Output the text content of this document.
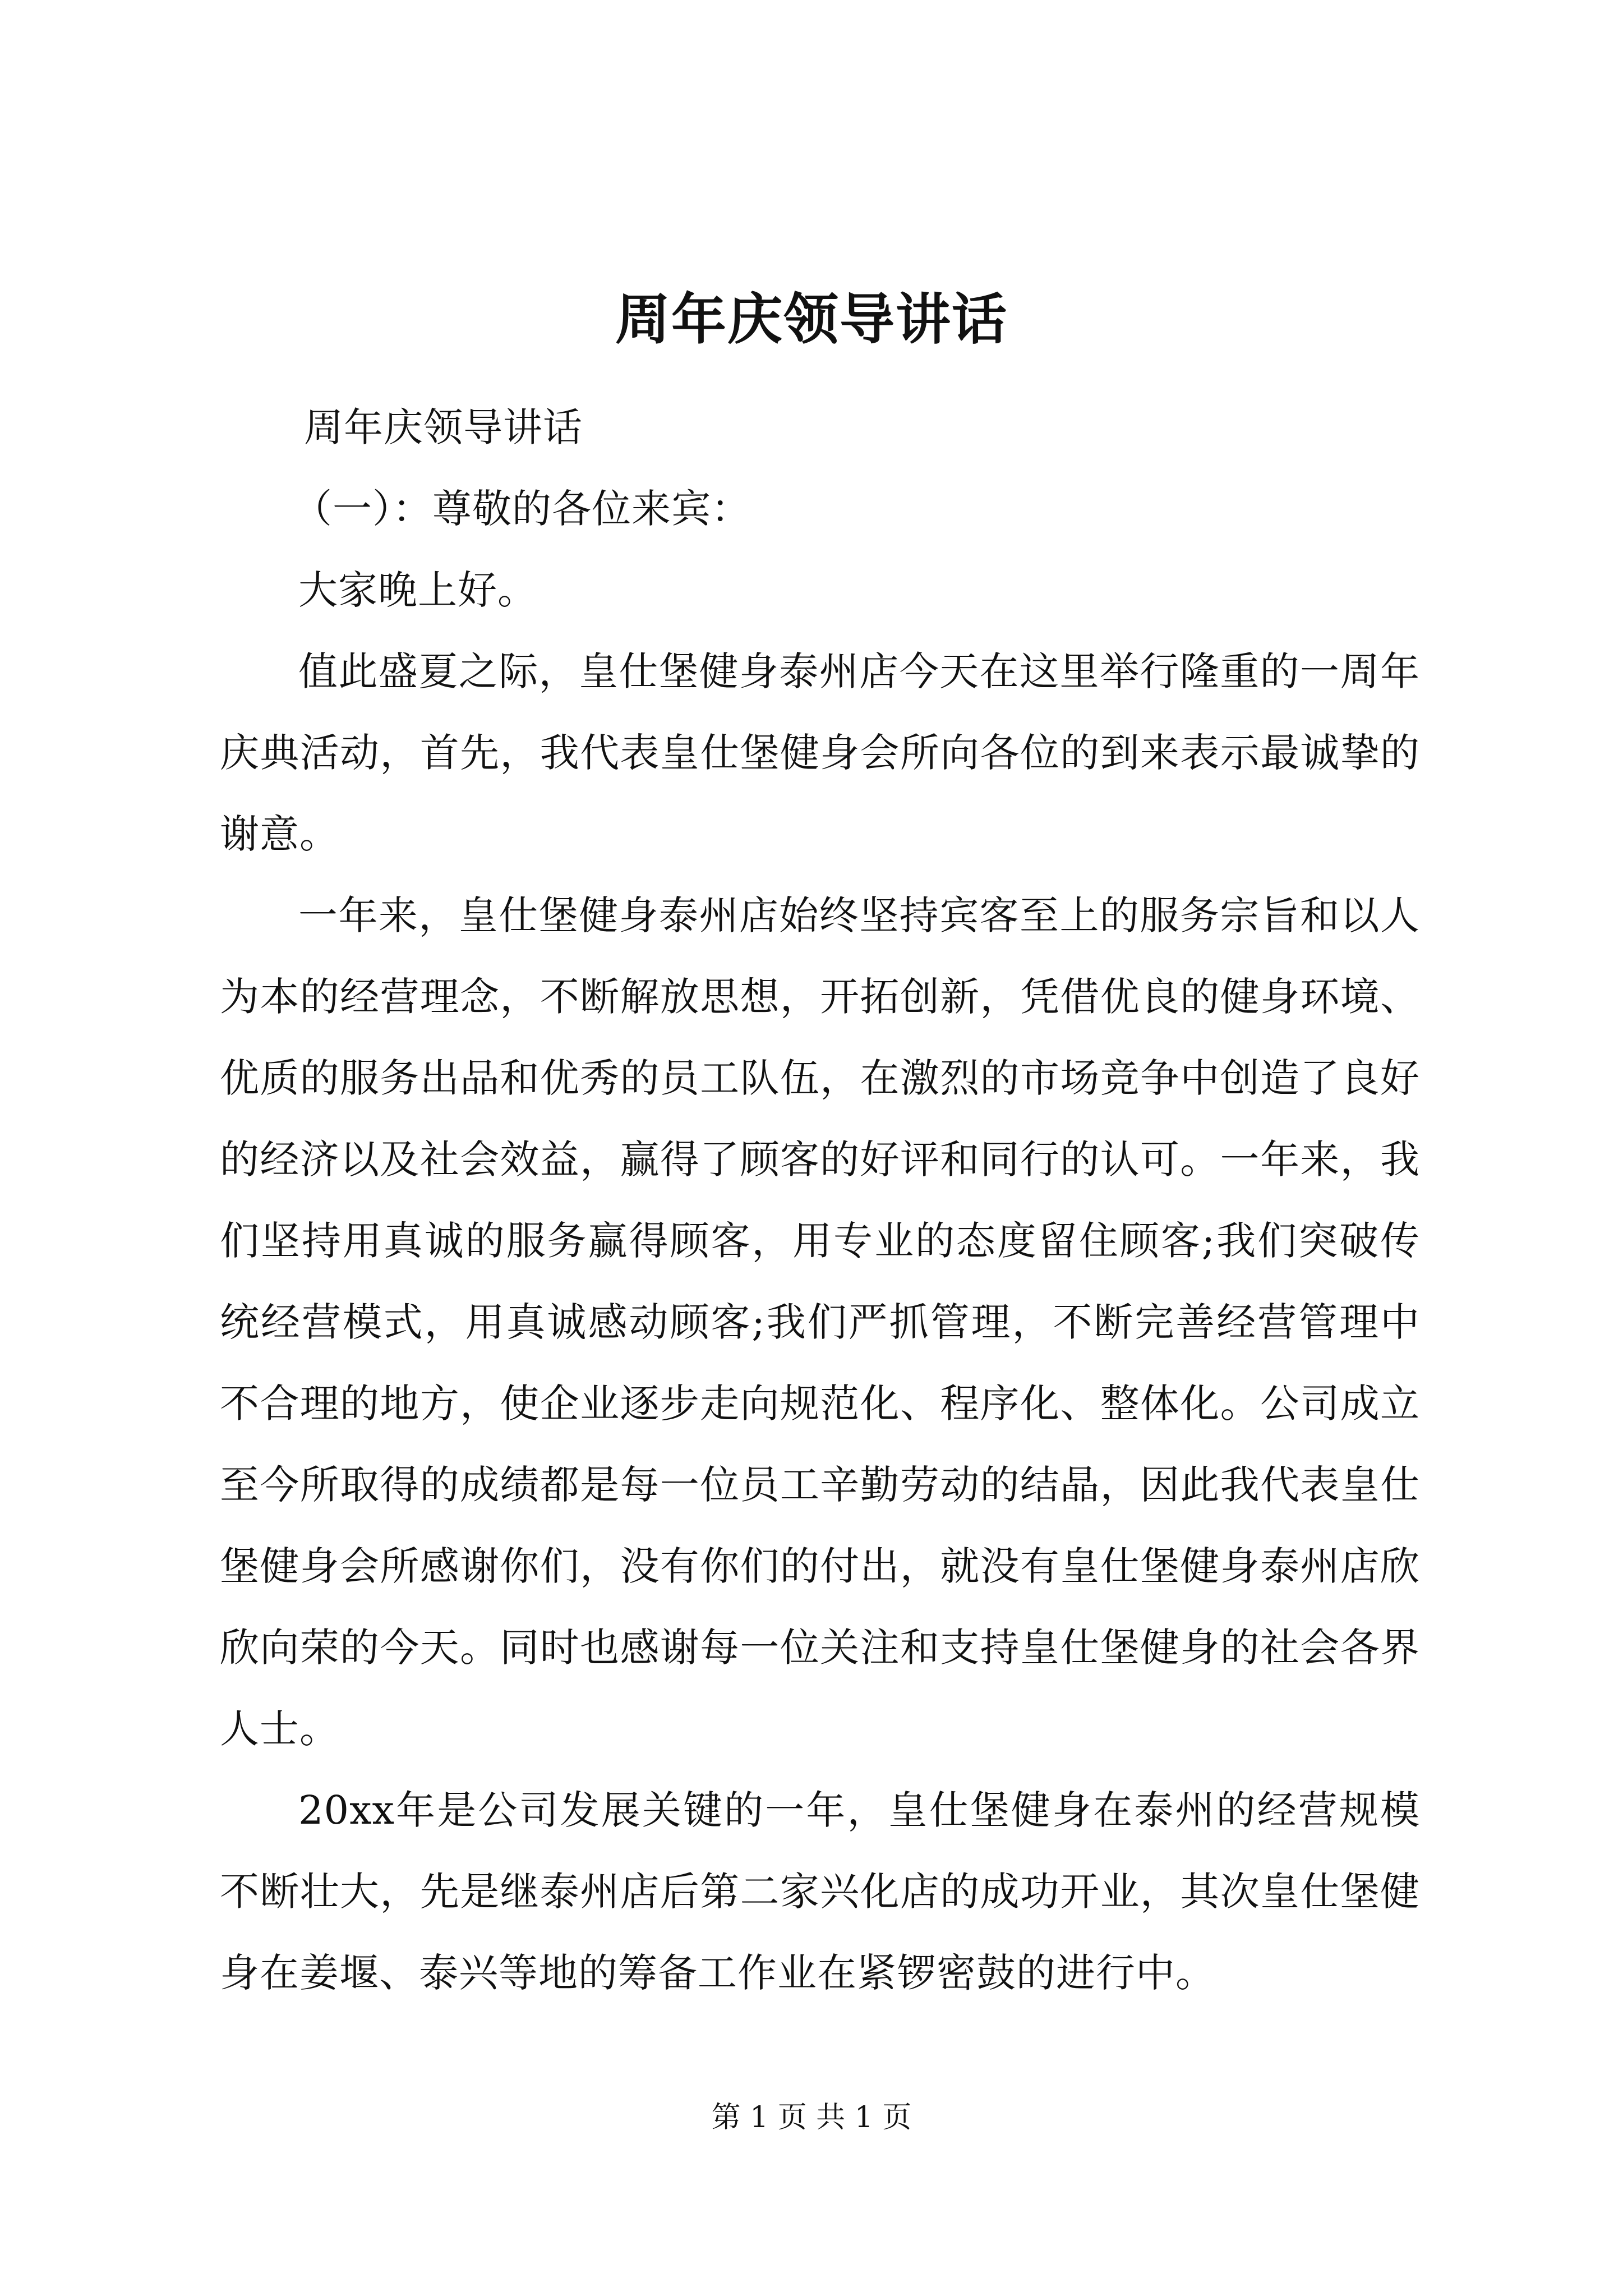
周年庆领导讲话

周年庆领导讲话

（一）：尊敬的各位来宾：

大家晚上好。

值此盛夏之际，皇仕堡健身泰州店今天在这里举行隆重的一周年庆典活动，首先，我代表皇仕堡健身会所向各位的到来表示最诚挚的谢意。

一年来，皇仕堡健身泰州店始终坚持宾客至上的服务宗旨和以人为本的经营理念，不断解放思想，开拓创新，凭借优良的健身环境、优质的服务出品和优秀的员工队伍，在激烈的市场竞争中创造了良好的经济以及社会效益，赢得了顾客的好评和同行的认可。一年来，我们坚持用真诚的服务赢得顾客，用专业的态度留住顾客;我们突破传统经营模式，用真诚感动顾客;我们严抓管理，不断完善经营管理中不合理的地方，使企业逐步走向规范化、程序化、整体化。公司成立至今所取得的成绩都是每一位员工辛勤劳动的结晶，因此我代表皇仕堡健身会所感谢你们，没有你们的付出，就没有皇仕堡健身泰州店欣欣向荣的今天。同时也感谢每一位关注和支持皇仕堡健身的社会各界人士。

20xx年是公司发展关键的一年，皇仕堡健身在泰州的经营规模不断壮大，先是继泰州店后第二家兴化店的成功开业，其次皇仕堡健身在姜堰、泰兴等地的筹备工作业在紧锣密鼓的进行中。

第 1 页 共 1 页
